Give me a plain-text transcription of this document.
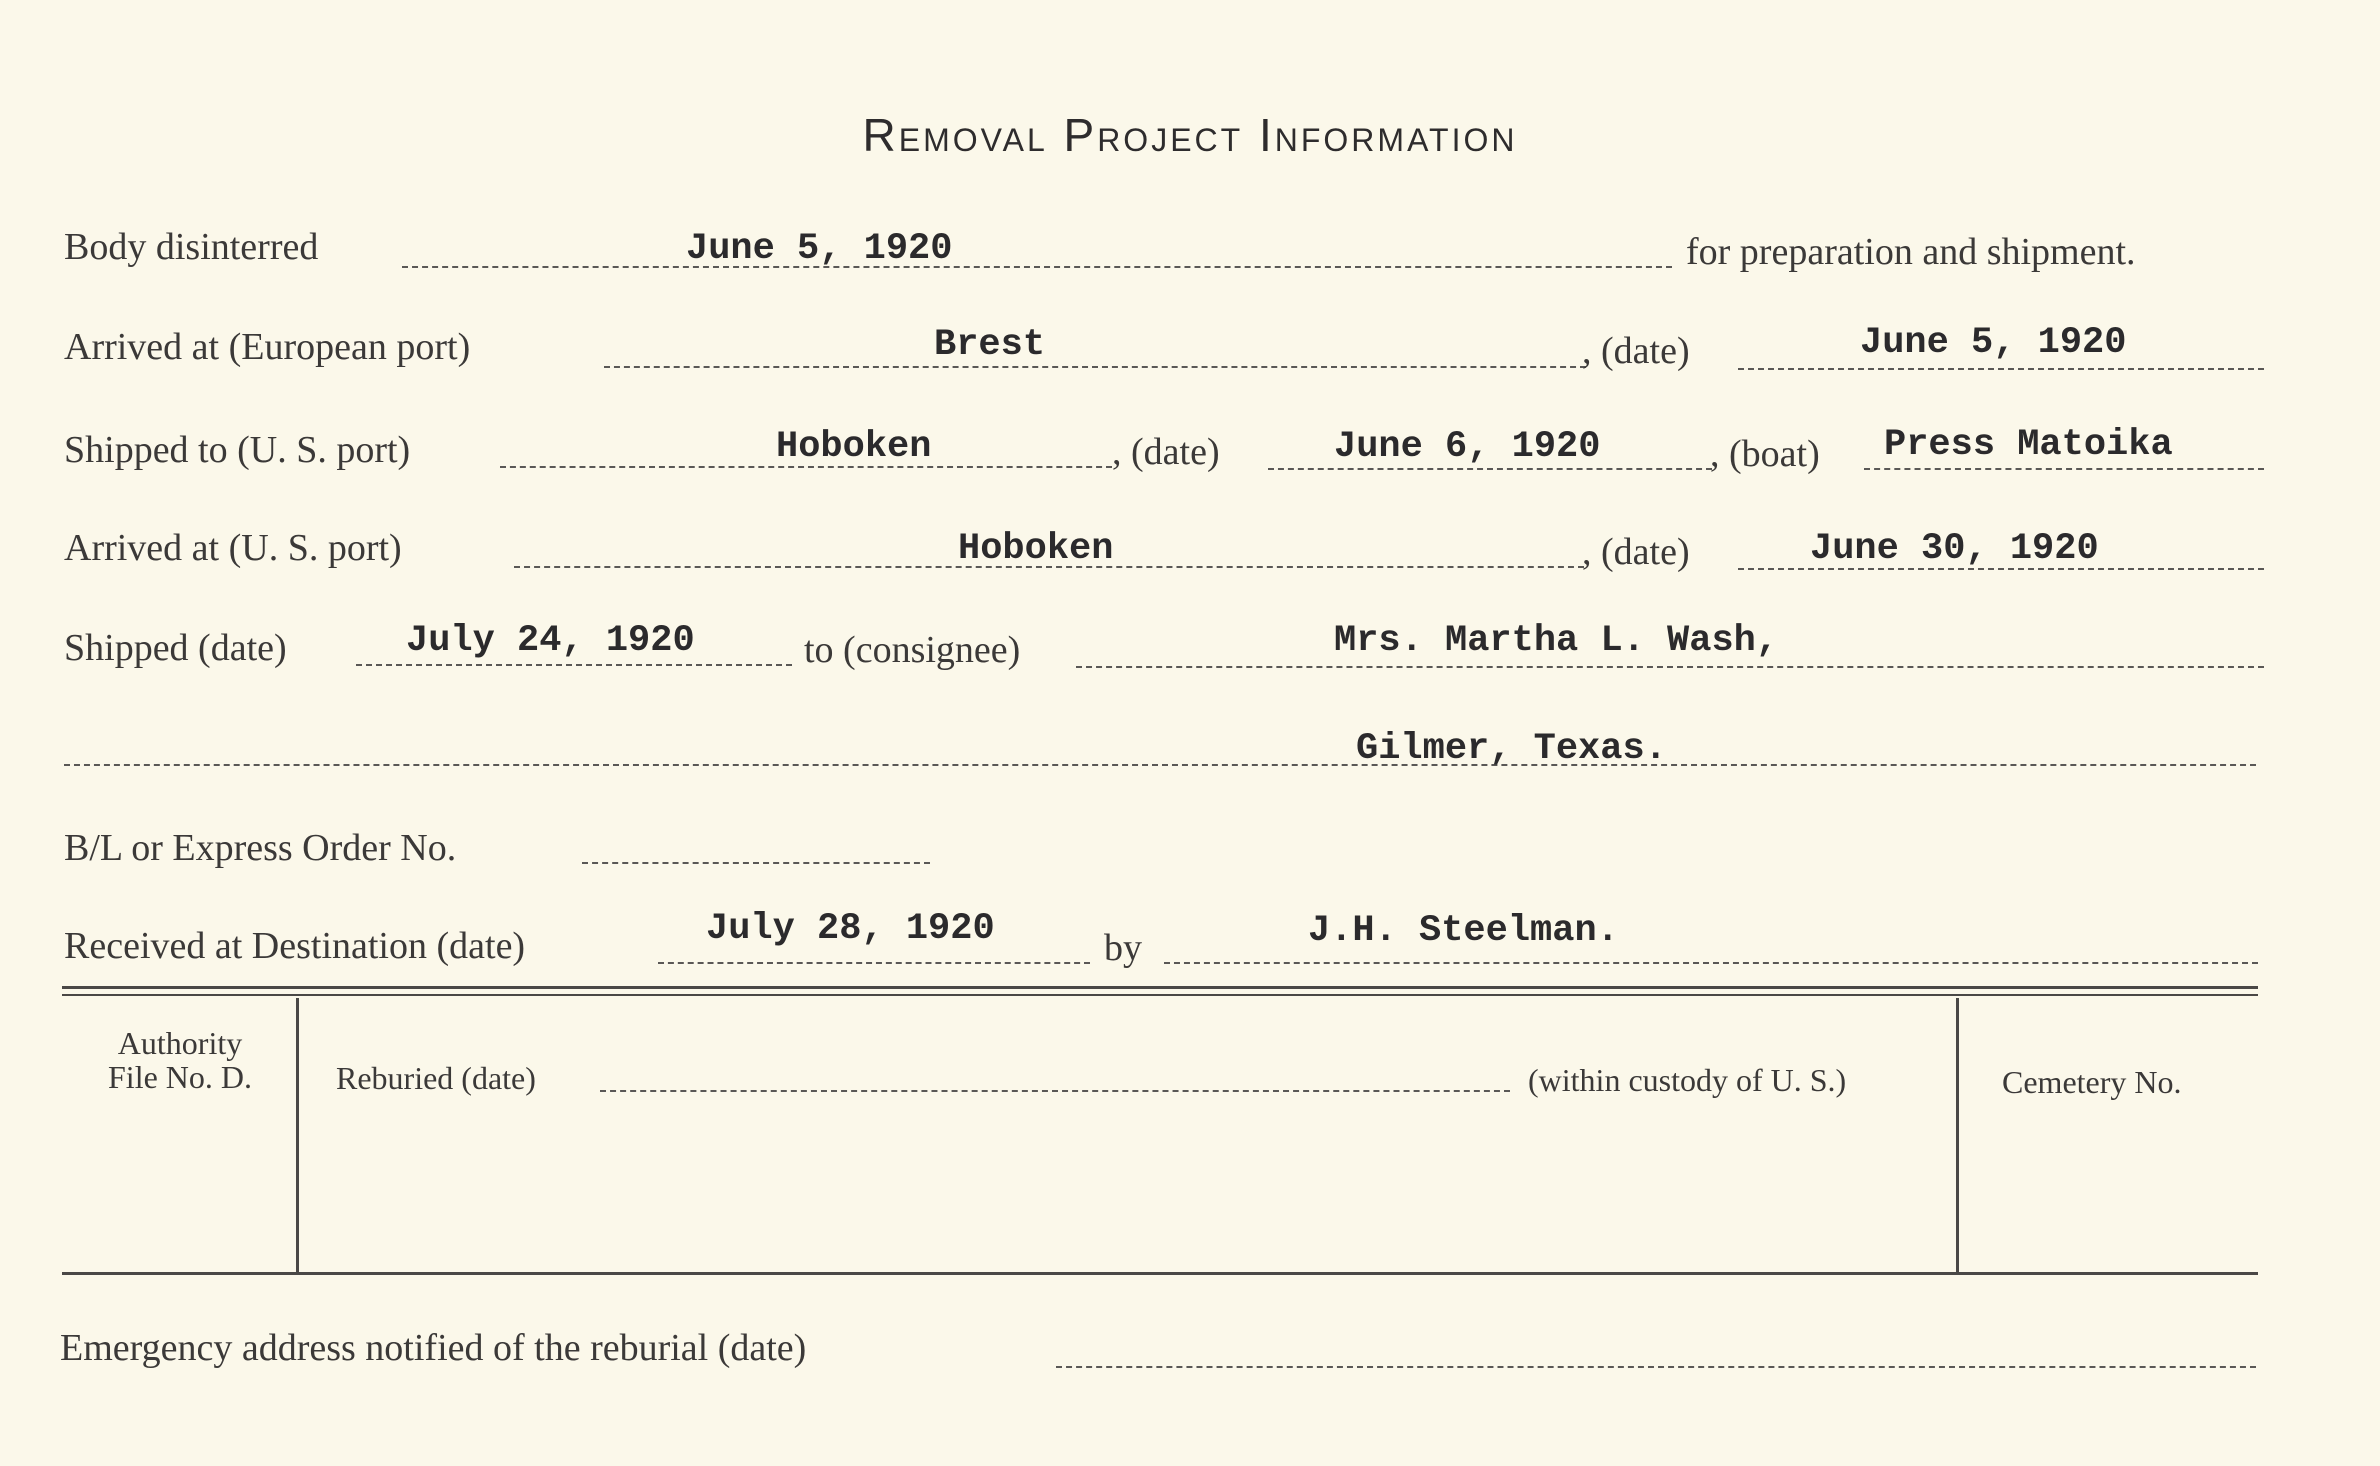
Removal Project Information
Body disinterred	June 5, 1920	for preparation and shipment.
Arrived at (European port)	Brest	, (date)	June 5, 1920
Shipped to (U. S. port)	Hoboken	, (date)	June 6, 1920	, (boat) Press Matoika
Arrived at (U. S. port)	Hoboken	, (date)	June 30, 1920
Shipped (date)	July 24, 1920	to (consignee)	Mrs. Martha L. Wash,
Gilmer, Texas.
B/L or Express Order No.
Received at Destination (date)	July 28, 1920	by	J.H. Steelman.
Authority
File No. D.	Reburied (date)	(within custody of U. S.)	Cemetery No.
Emergency address notified of the reburial (date)
